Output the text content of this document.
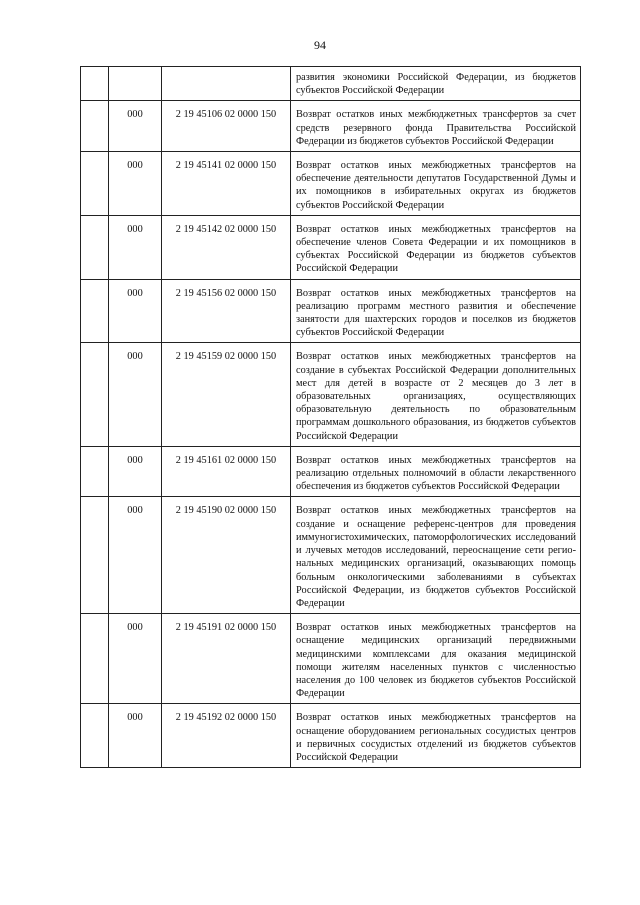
94
			развития экономики Российской Федерации, из бюджетов субъектов Российской Федерации
	000	2 19 45106 02 0000 150	Возврат остатков иных межбюджетных трансфертов за счет средств резервного фонда Правительства Российской Федерации из бюджетов субъектов Российской Федерации
	000	2 19 45141 02 0000 150	Возврат остатков иных межбюджетных трансфертов на обеспечение деятельности депутатов Государственной Думы и их помощников в избирательных округах из бюджетов субъектов Российской Федерации
	000	2 19 45142 02 0000 150	Возврат остатков иных межбюджетных трансфертов на обеспечение членов Совета Федерации и их помощников в субъектах Российской Федерации из бюджетов субъектов Российской Федерации
	000	2 19 45156 02 0000 150	Возврат остатков иных межбюджетных трансфертов на реализацию программ местного развития и обеспечение занятости для шахтерских городов и поселков из бюджетов субъектов Российской Федерации
	000	2 19 45159 02 0000 150	Возврат остатков иных межбюджетных трансфертов на создание в субъектах Российской Федерации дополнительных мест для детей в возрасте от 2 месяцев до 3 лет в образовательных организациях, осуществляющих образовательную деятельность по образовательным программам дошкольного образования, из бюджетов субъектов Российской Федерации
	000	2 19 45161 02 0000 150	Возврат остатков иных межбюджетных трансфертов на реализацию отдельных полномочий в области лекарственного обеспечения из бюджетов субъектов Российской Федерации
	000	2 19 45190 02 0000 150	Возврат остатков иных межбюджетных трансфертов на создание и оснащение референс-центров для проведения иммуногистохимических, патоморфологических исследований и лучевых методов исследований, переоснащение сети региональных медицинских организаций, оказывающих помощь больным онкологическими заболеваниями в субъектах Российской Федерации, из бюджетов субъектов Российской Федерации
	000	2 19 45191 02 0000 150	Возврат остатков иных межбюджетных трансфертов на оснащение медицинских организаций передвижными медицинскими комплексами для оказания медицинской помощи жителям населенных пунктов с численностью населения до 100 человек из бюджетов субъектов Российской Федерации
	000	2 19 45192 02 0000 150	Возврат остатков иных межбюджетных трансфертов на оснащение оборудованием региональных сосудистых центров и первичных сосудистых отделений из бюджетов субъектов Российской Федерации
